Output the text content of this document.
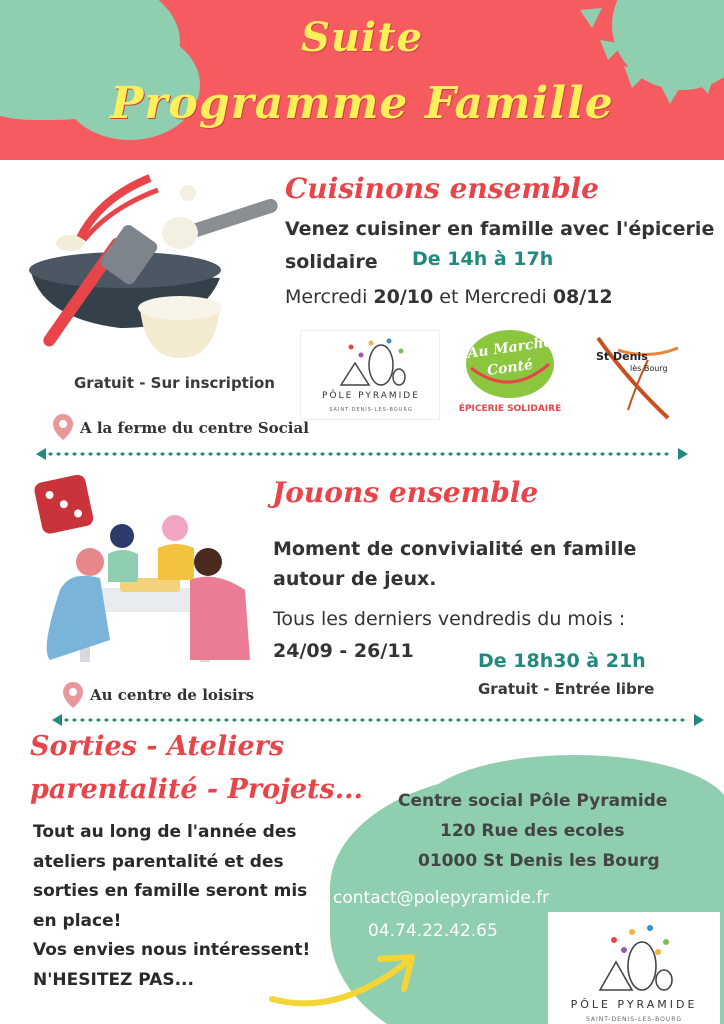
Suite
Programme Famille
Cuisinons ensemble
Venez cuisiner en famille avec l'épicerie
solidaire De 14h à 17h
Mercredi 20/10 et Mercredi 08/12
PÔLE PYRAMIDE
SAINT-DENIS-LES-BOURG
Au Marché
Conté
ÉPICERIE SOLIDAIRE
St Denis
lès Bourg
Gratuit - Sur inscription
A la ferme du centre Social
Jouons ensemble
Moment de convivialité en famille
autour de jeux.
Tous les derniers vendredis du mois :
24/09 - 26/11	De 18h30 à 21h
Gratuit - Entrée libre
Au centre de loisirs
Sorties - Ateliers
parentalité - Projets...
Tout au long de l'année des
ateliers parentalité et des
sorties en famille seront mis
en place!
Vos envies nous intéressent!
N'HESITEZ PAS...
Centre social Pôle Pyramide
120 Rue des ecoles
01000 St Denis les Bourg
contact@polepyramide.fr
04.74.22.42.65
PÔLE PYRAMIDE
SAINT-DENIS-LES-BOURG
